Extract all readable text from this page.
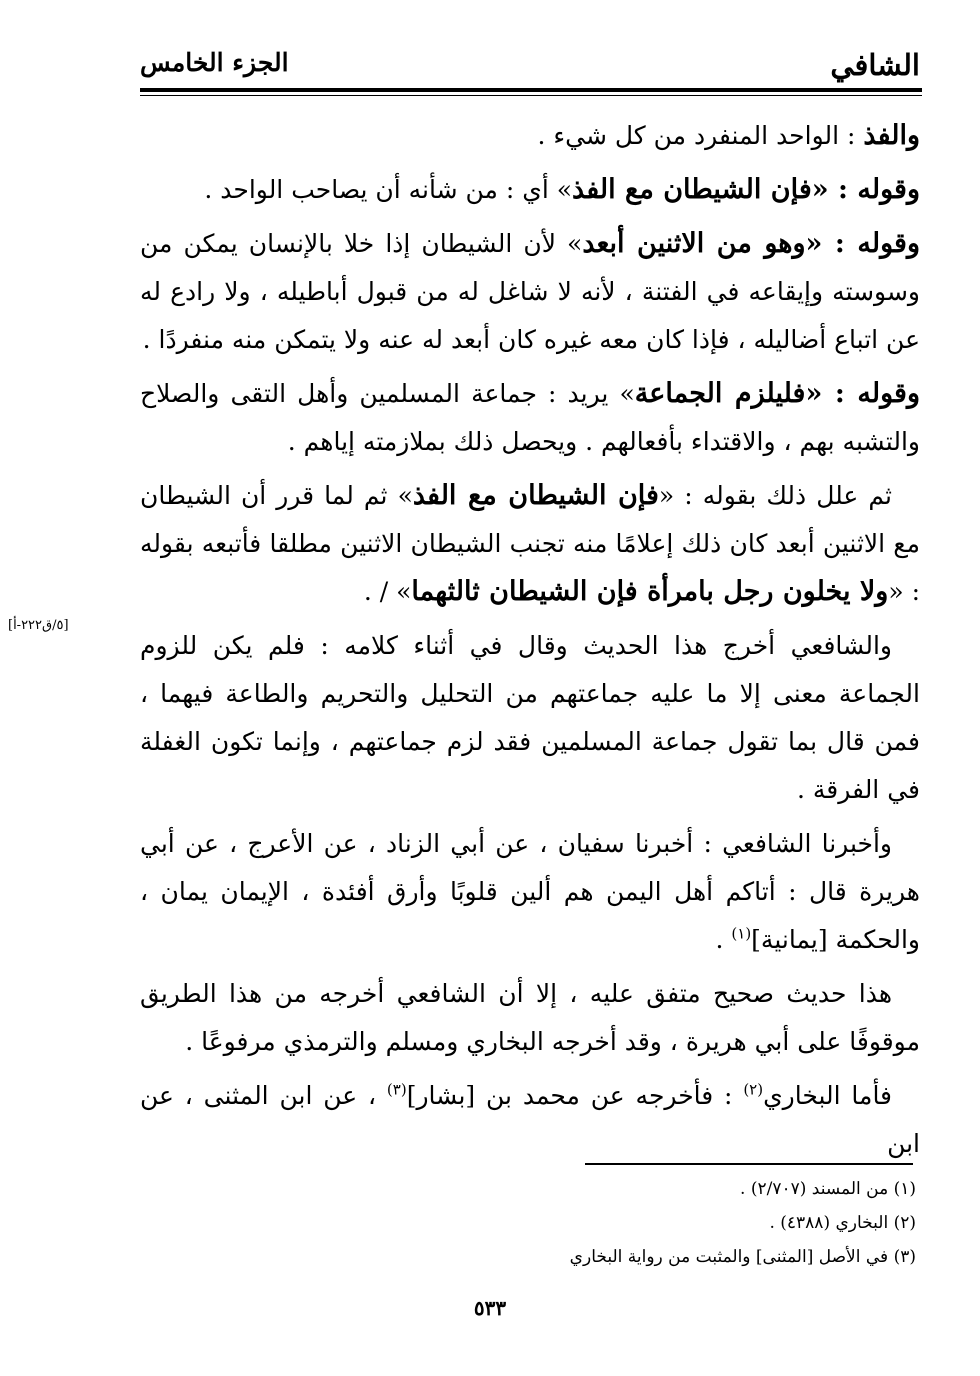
الشافي
الجزء الخامس
[٥/ق٢٢٢-أ]

والفذ : الواحد المنفرد من كل شيء .

وقوله : «فإن الشيطان مع الفذ» أي : من شأنه أن يصاحب الواحد .

وقوله : «وهو من الاثنين أبعد» لأن الشيطان إذا خلا بالإنسان يمكن من وسوسته وإيقاعه في الفتنة ، لأنه لا شاغل له من قبول أباطيله ، ولا رادع له عن اتباع أضاليله ، فإذا كان معه غيره كان أبعد له عنه ولا يتمكن منه منفردًا .

وقوله : «فليلزم الجماعة» يريد : جماعة المسلمين وأهل التقى والصلاح والتشبه بهم ، والاقتداء بأفعالهم . ويحصل ذلك بملازمته إياهم .

ثم علل ذلك بقوله : «فإن الشيطان مع الفذ» ثم لما قرر أن الشيطان مع الاثنين أبعد كان ذلك إعلامًا منه تجنب الشيطان الاثنين مطلقا فأتبعه بقوله : «ولا يخلون رجل بامرأة فإن الشيطان ثالثهما» / .

والشافعي أخرج هذا الحديث وقال في أثناء كلامه : فلم يكن للزوم الجماعة معنى إلا ما عليه جماعتهم من التحليل والتحريم والطاعة فيهما ، فمن قال بما تقول جماعة المسلمين فقد لزم جماعتهم ، وإنما تكون الغفلة في الفرقة .

وأخبرنا الشافعي : أخبرنا سفيان ، عن أبي الزناد ، عن الأعرج ، عن أبي هريرة قال : أتاكم أهل اليمن هم ألين قلوبًا وأرق أفئدة ، الإيمان يمان ، والحكمة [يمانية]$^{(١)}$ .

هذا حديث صحيح متفق عليه ، إلا أن الشافعي أخرجه من هذا الطريق موقوفًا على أبي هريرة ، وقد أخرجه البخاري ومسلم والترمذي مرفوعًا .

فأما البخاري$^{(٢)}$ : فأخرجه عن محمد بن [بشار]$^{(٣)}$ ، عن ابن المثنى ، عن ابن

(١) من المسند (٢/٧٠٧) .
(٢) البخاري (٤٣٨٨) .
(٣) في الأصل [المثنى] والمثبت من رواية البخاري
٥٣٣
